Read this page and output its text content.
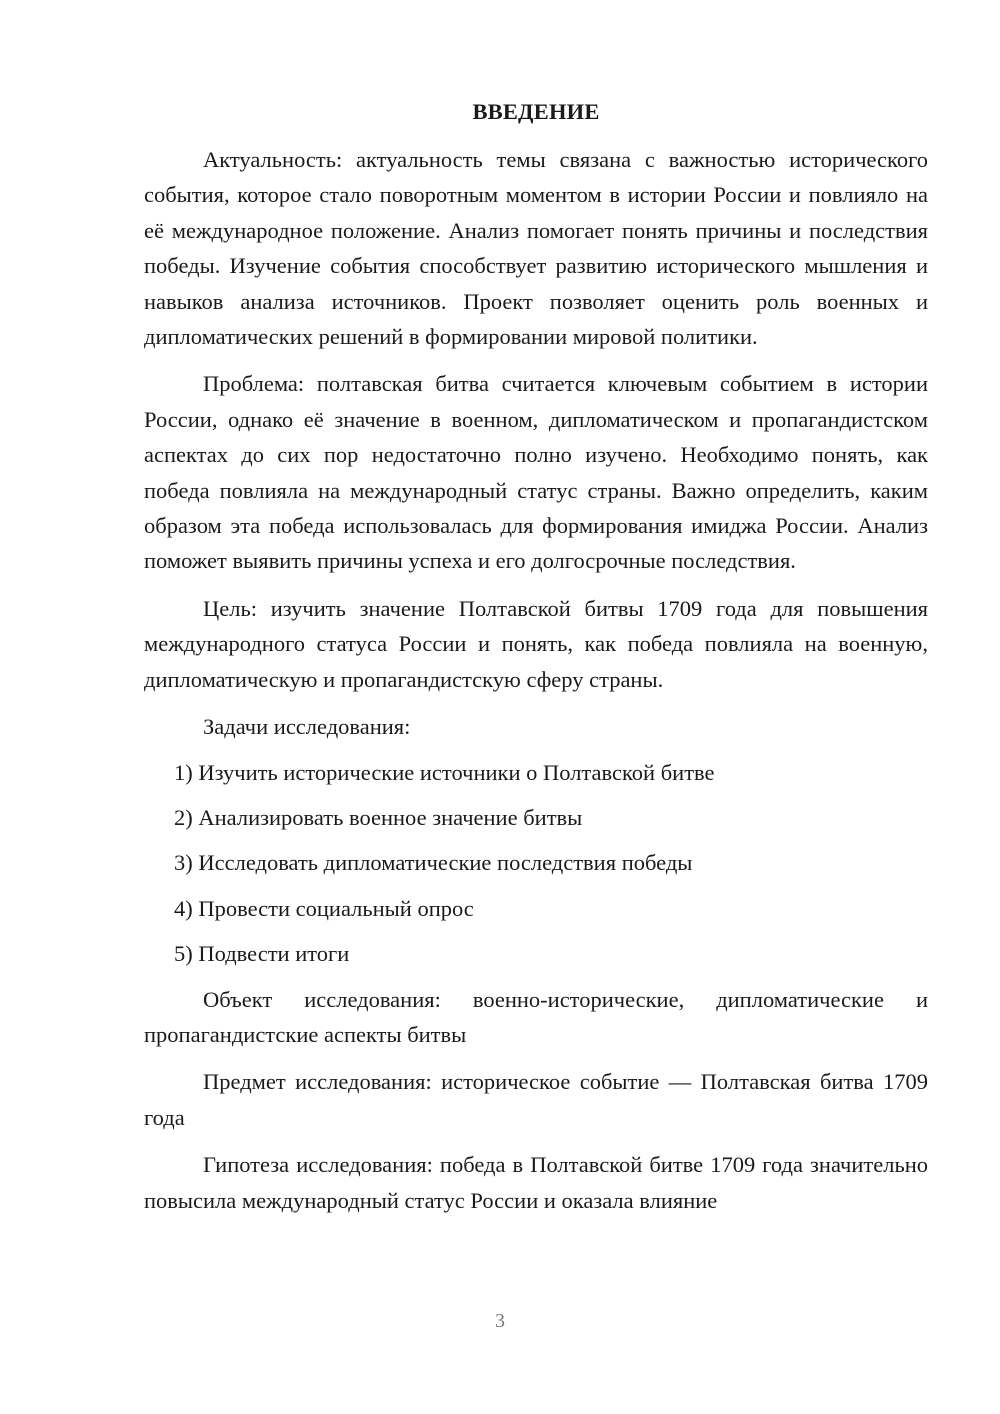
ВВЕДЕНИЕ

Актуальность: актуальность темы связана с важностью исторического события, которое стало поворотным моментом в истории России и повлияло на её международное положение. Анализ помогает понять причины и последствия победы. Изучение события способствует развитию исторического мышления и навыков анализа источников. Проект позволяет оценить роль военных и дипломатических решений в формировании мировой политики.

Проблема: полтавская битва считается ключевым событием в истории России, однако её значение в военном, дипломатическом и пропагандистском аспектах до сих пор недостаточно полно изучено. Необходимо понять, как победа повлияла на международный статус страны. Важно определить, каким образом эта победа использовалась для формирования имиджа России. Анализ поможет выявить причины успеха и его долгосрочные последствия.

Цель: изучить значение Полтавской битвы 1709 года для повышения международного статуса России и понять, как победа повлияла на военную, дипломатическую и пропагандистскую сферу страны.

Задачи исследования:

1) Изучить исторические источники о Полтавской битве
2) Анализировать военное значение битвы
3) Исследовать дипломатические последствия победы
4) Провести социальный опрос
5) Подвести итоги

Объект исследования: военно-исторические, дипломатические и пропагандистские аспекты битвы

Предмет исследования: историческое событие — Полтавская битва 1709 года

Гипотеза исследования: победа в Полтавской битве 1709 года значительно повысила международный статус России и оказала влияние

3
